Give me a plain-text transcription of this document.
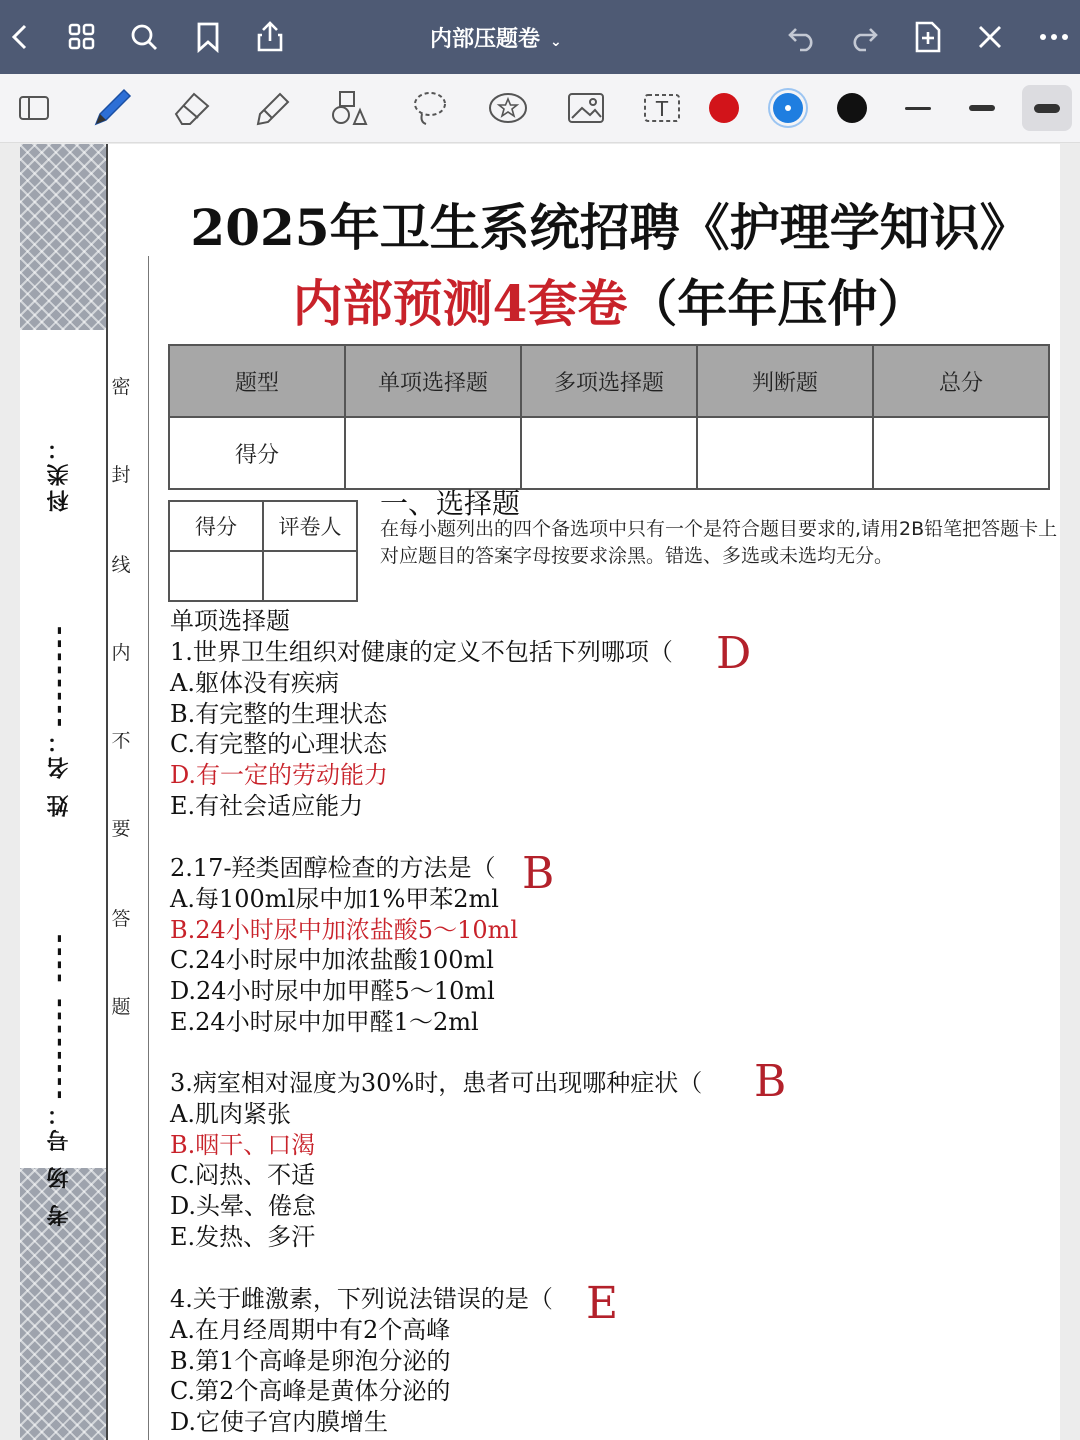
内部压题卷 ⌄
T
密
封
线
内
不
要
答
题
科类：
姓 名：--------
考 场 号：-------- ----
2025年卫生系统招聘《护理学知识》
内部预测4套卷（年年压仲）
题型	单项选择题	多项选择题	判断题	总分
得分				
得分	评卷人

一、选择题
在每小题列出的四个备选项中只有一个是符合题目要求的,请用2B铅笔把答题卡上对应题目的答案字母按要求涂黑。错选、多选或未选均无分。
单项选择题
1.世界卫生组织对健康的定义不包括下列哪项（
A.躯体没有疾病
B.有完整的生理状态
C.有完整的心理状态
D.有一定的劳动能力
E.有社会适应能力
D
2.17-羟类固醇检查的方法是（
A.每100ml尿中加1%甲苯2ml
B.24小时尿中加浓盐酸5～10ml
C.24小时尿中加浓盐酸100ml
D.24小时尿中加甲醛5～10ml
E.24小时尿中加甲醛1～2ml
B
3.病室相对湿度为30%时，患者可出现哪种症状（
A.肌肉紧张
B.咽干、口渴
C.闷热、不适
D.头晕、倦怠
E.发热、多汗
B
4.关于雌激素，下列说法错误的是（
A.在月经周期中有2个高峰
B.第1个高峰是卵泡分泌的
C.第2个高峰是黄体分泌的
D.它使子宫内膜增生
E
